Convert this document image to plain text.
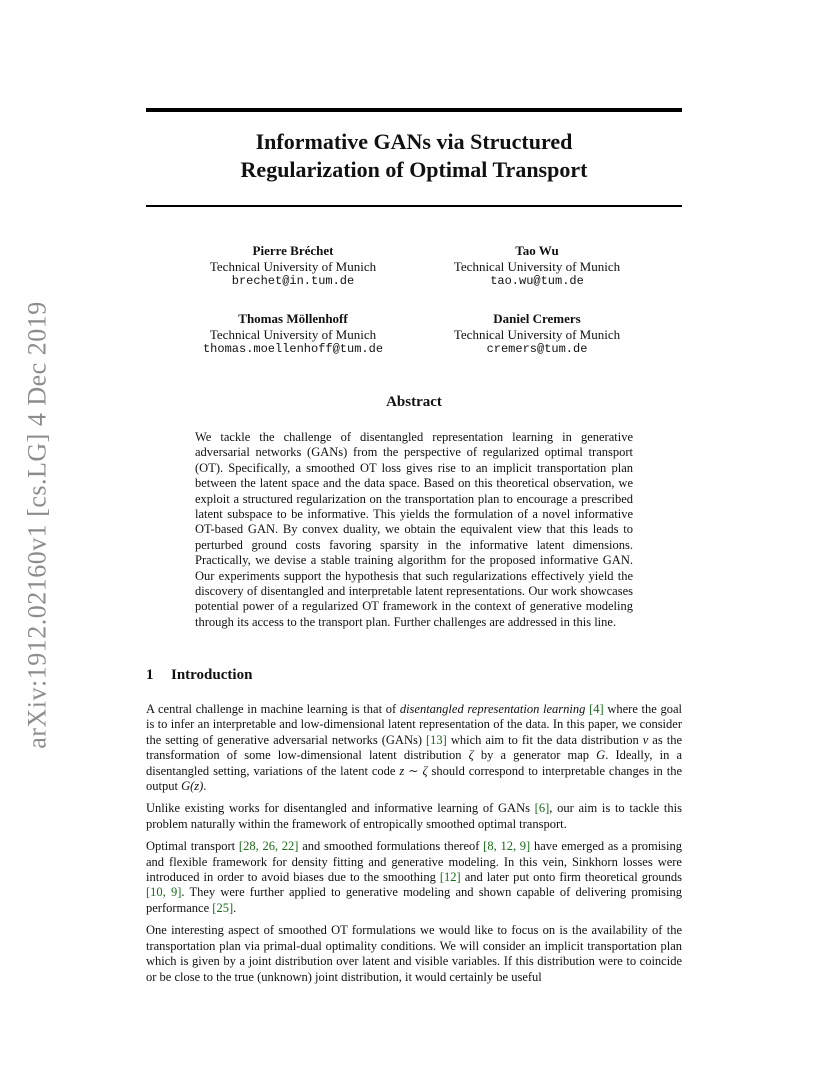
arXiv:1912.02160v1 [cs.LG] 4 Dec 2019
Informative GANs via Structured
Regularization of Optimal Transport
Pierre Bréchet
Technical University of Munich
brechet@in.tum.de
Tao Wu
Technical University of Munich
tao.wu@tum.de
Thomas Möllenhoff
Technical University of Munich
thomas.moellenhoff@tum.de
Daniel Cremers
Technical University of Munich
cremers@tum.de
Abstract

We tackle the challenge of disentangled representation learning in generative adversarial networks (GANs) from the perspective of regularized optimal transport (OT). Specifically, a smoothed OT loss gives rise to an implicit transportation plan between the latent space and the data space. Based on this theoretical observation, we exploit a structured regularization on the transportation plan to encourage a prescribed latent subspace to be informative. This yields the formulation of a novel informative OT-based GAN. By convex duality, we obtain the equivalent view that this leads to perturbed ground costs favoring sparsity in the informative latent dimensions. Practically, we devise a stable training algorithm for the proposed informative GAN. Our experiments support the hypothesis that such regularizations effectively yield the discovery of disentangled and interpretable latent representations. Our work showcases potential power of a regularized OT framework in the context of generative modeling through its access to the transport plan. Further challenges are addressed in this line.

1 Introduction

A central challenge in machine learning is that of disentangled representation learning [4] where the goal is to infer an interpretable and low-dimensional latent representation of the data. In this paper, we consider the setting of generative adversarial networks (GANs) [13] which aim to fit the data distribution ν as the transformation of some low-dimensional latent distribution ζ by a generator map G. Ideally, in a disentangled setting, variations of the latent code z ∼ ζ should correspond to interpretable changes in the output G(z).

Unlike existing works for disentangled and informative learning of GANs [6], our aim is to tackle this problem naturally within the framework of entropically smoothed optimal transport.

Optimal transport [28, 26, 22] and smoothed formulations thereof [8, 12, 9] have emerged as a promising and flexible framework for density fitting and generative modeling. In this vein, Sinkhorn losses were introduced in order to avoid biases due to the smoothing [12] and later put onto firm theoretical grounds [10, 9]. They were further applied to generative modeling and shown capable of delivering promising performance [25].

One interesting aspect of smoothed OT formulations we would like to focus on is the availability of the transportation plan via primal-dual optimality conditions. We will consider an implicit transportation plan which is given by a joint distribution over latent and visible variables. If this distribution were to coincide or be close to the true (unknown) joint distribution, it would certainly be useful
